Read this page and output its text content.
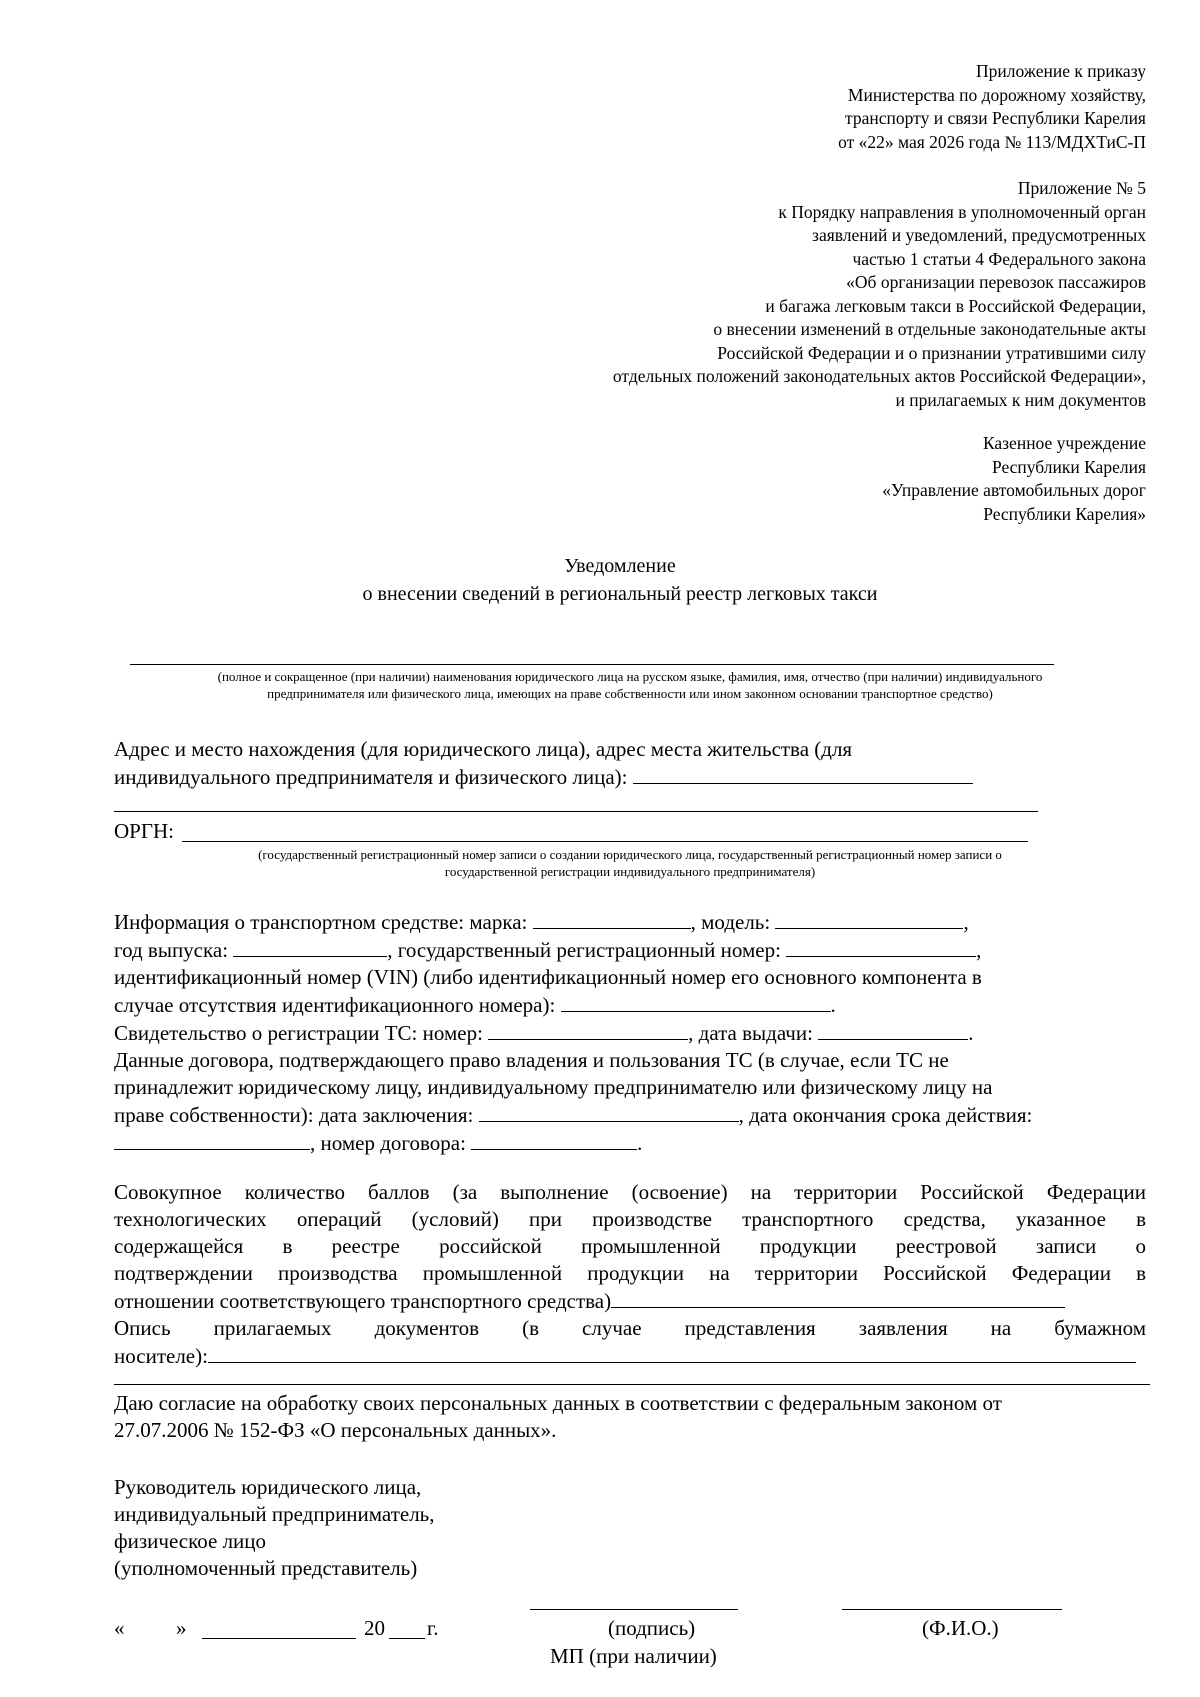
Приложение к приказу
Министерства по дорожному хозяйству,
транспорту и связи Республики Карелия
от «22» мая 2026 года № 113/МДХТиС-П
Приложение № 5
к Порядку направления в уполномоченный орган
заявлений и уведомлений, предусмотренных
частью 1 статьи 4 Федерального закона
«Об организации перевозок пассажиров
и багажа легковым такси в Российской Федерации,
о внесении изменений в отдельные законодательные акты
Российской Федерации и о признании утратившими силу
отдельных положений законодательных актов Российской Федерации»,
и прилагаемых к ним документов
Казенное учреждение
Республики Карелия
«Управление автомобильных дорог
Республики Карелия»
Уведомление
о внесении сведений в региональный реестр легковых такси
(полное и сокращенное (при наличии) наименования юридического лица на русском языке, фамилия, имя, отчество (при наличии) индивидуального
предпринимателя или физического лица, имеющих на праве собственности или ином законном основании транспортное средство)
Адрес и место нахождения (для юридического лица), адрес места жительства (для
индивидуального предпринимателя и физического лица):
ОРГН:
(государственный регистрационный номер записи о создании юридического лица, государственный регистрационный номер записи о
государственной регистрации индивидуального предпринимателя)
Информация о транспортном средстве: марка:	, модель:	,
год выпуска:	, государственный регистрационный номер:	,
идентификационный номер (VIN) (либо идентификационный номер его основного компонента в
случае отсутствия идентификационного номера):	.
Свидетельство о регистрации ТС: номер:	, дата выдачи:	.
Данные договора, подтверждающего право владения и пользования ТС (в случае, если ТС не
принадлежит юридическому лицу, индивидуальному предпринимателю или физическому лицу на
праве собственности): дата заключения:	, дата окончания срока действия:
, номер договора:	.
Совокупное количество баллов (за выполнение (освоение) на территории Российской Федерации
технологических операций (условий) при производстве транспортного средства, указанное в
содержащейся в реестре российской промышленной продукции реестровой записи о
подтверждении производства промышленной продукции на территории Российской Федерации в
отношении соответствующего транспортного средства)
Опись прилагаемых документов (в случае представления заявления на бумажном
носителе):
Даю согласие на обработку своих персональных данных в соответствии с федеральным законом от
27.07.2006 № 152-ФЗ «О персональных данных».
Руководитель юридического лица,
индивидуальный предприниматель,
физическое лицо
(уполномоченный представитель)
« »	20 г.	(подпись)	(Ф.И.О.)
МП (при наличии)
